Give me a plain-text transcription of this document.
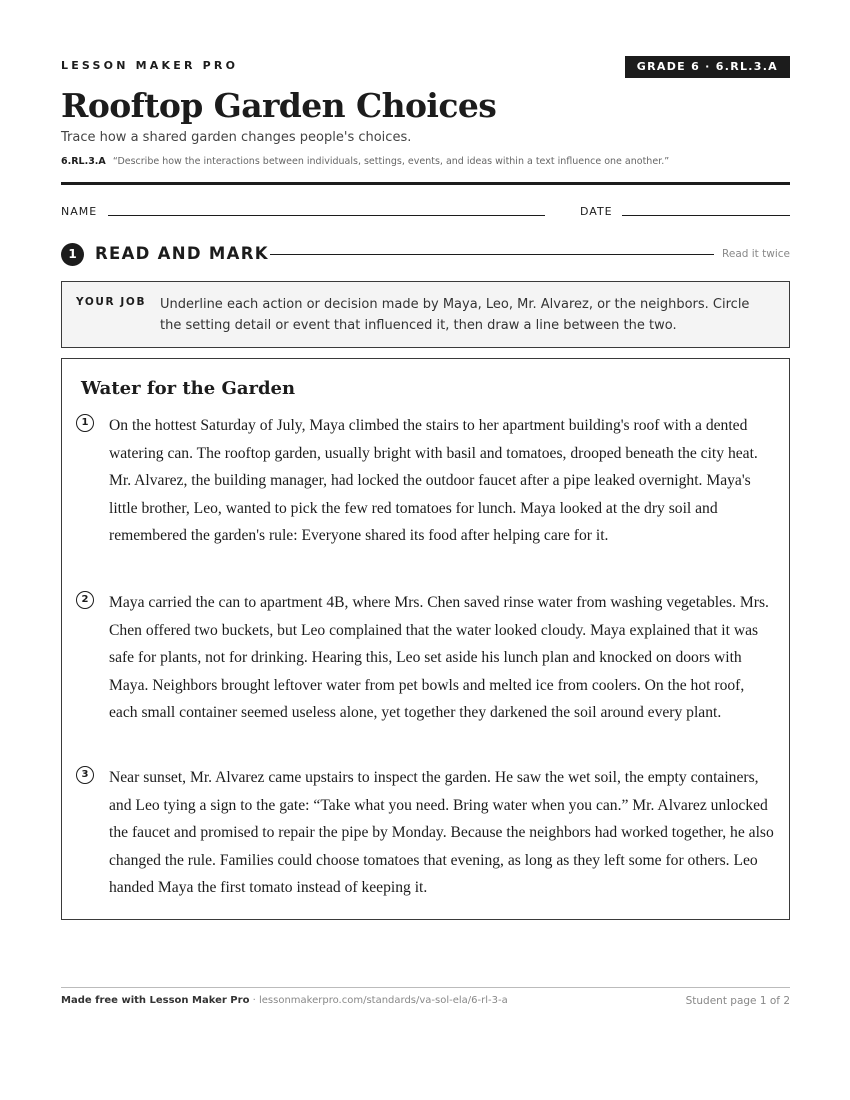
LESSON MAKER PRO	GRADE 6 · 6.RL.3.A
Rooftop Garden Choices
Trace how a shared garden changes people's choices.
6.RL.3.A “Describe how the interactions between individuals, settings, events, and ideas within a text influence one another.”
NAME	DATE
1	READ AND MARK	Read it twice
YOUR JOB Underline each action or decision made by Maya, Leo, Mr. Alvarez, or the neighbors. Circle the setting detail or event that influenced it, then draw a line between the two.
Water for the Garden
1	On the hottest Saturday of July, Maya climbed the stairs to her apartment building's roof with a dented watering can. The rooftop garden, usually bright with basil and tomatoes, drooped beneath the city heat. Mr. Alvarez, the building manager, had locked the outdoor faucet after a pipe leaked overnight. Maya's little brother, Leo, wanted to pick the few red tomatoes for lunch. Maya looked at the dry soil and remembered the garden's rule: Everyone shared its food after helping care for it.

2	Maya carried the can to apartment 4B, where Mrs. Chen saved rinse water from washing vegetables. Mrs. Chen offered two buckets, but Leo complained that the water looked cloudy. Maya explained that it was safe for plants, not for drinking. Hearing this, Leo set aside his lunch plan and knocked on doors with Maya. Neighbors brought leftover water from pet bowls and melted ice from coolers. On the hot roof, each small container seemed useless alone, yet together they darkened the soil around every plant.

3	Near sunset, Mr. Alvarez came upstairs to inspect the garden. He saw the wet soil, the empty containers, and Leo tying a sign to the gate: “Take what you need. Bring water when you can.” Mr. Alvarez unlocked the faucet and promised to repair the pipe by Monday. Because the neighbors had worked together, he also changed the rule. Families could choose tomatoes that evening, as long as they left some for others. Leo handed Maya the first tomato instead of keeping it.

Made free with Lesson Maker Pro · lessonmakerpro.com/standards/va-sol-ela/6-rl-3-a	Student page 1 of 2
